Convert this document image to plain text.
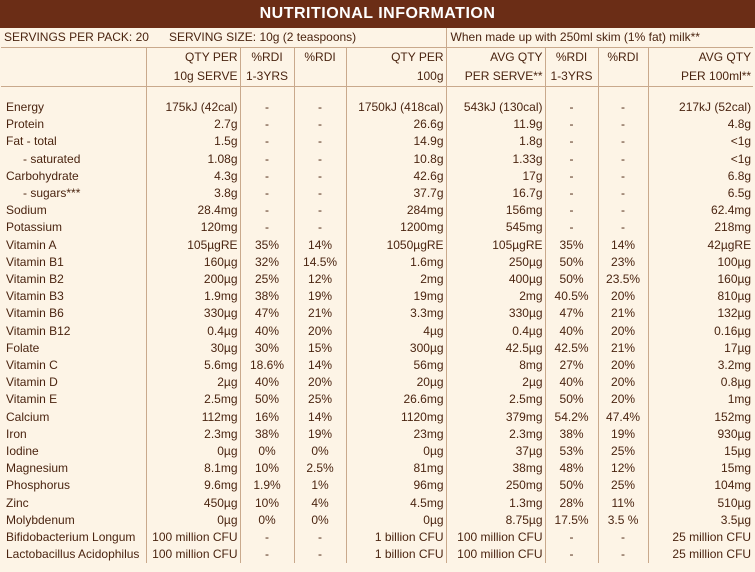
NUTRITIONAL INFORMATION
SERVINGS PER PACK: 20 SERVING SIZE: 10g (2 teaspoons)					When made up with 250ml skim (1% fat) milk**			
	QTY PER	%RDI	%RDI	QTY PER	AVG QTY	%RDI	%RDI	AVG QTY
	10g SERVE	1-3YRS		100g	PER SERVE**	1-3YRS		PER 100ml**

Energy	175kJ (42cal)	-	-	1750kJ (418cal)	543kJ (130cal)	-	-	217kJ (52cal)
Protein	2.7g	-	-	26.6g	11.9g	-	-	4.8g
Fat - total	1.5g	-	-	14.9g	1.8g	-	-	<1g
- saturated	1.08g	-	-	10.8g	1.33g	-	-	<1g
Carbohydrate	4.3g	-	-	42.6g	17g	-	-	6.8g
- sugars***	3.8g	-	-	37.7g	16.7g	-	-	6.5g
Sodium	28.4mg	-	-	284mg	156mg	-	-	62.4mg
Potassium	120mg	-	-	1200mg	545mg	-	-	218mg
Vitamin A	105µgRE	35%	14%	1050µgRE	105µgRE	35%	14%	42µgRE
Vitamin B1	160µg	32%	14.5%	1.6mg	250µg	50%	23%	100µg
Vitamin B2	200µg	25%	12%	2mg	400µg	50%	23.5%	160µg
Vitamin B3	1.9mg	38%	19%	19mg	2mg	40.5%	20%	810µg
Vitamin B6	330µg	47%	21%	3.3mg	330µg	47%	21%	132µg
Vitamin B12	0.4µg	40%	20%	4µg	0.4µg	40%	20%	0.16µg
Folate	30µg	30%	15%	300µg	42.5µg	42.5%	21%	17µg
Vitamin C	5.6mg	18.6%	14%	56mg	8mg	27%	20%	3.2mg
Vitamin D	2µg	40%	20%	20µg	2µg	40%	20%	0.8µg
Vitamin E	2.5mg	50%	25%	26.6mg	2.5mg	50%	20%	1mg
Calcium	112mg	16%	14%	1120mg	379mg	54.2%	47.4%	152mg
Iron	2.3mg	38%	19%	23mg	2.3mg	38%	19%	930µg
Iodine	0µg	0%	0%	0µg	37µg	53%	25%	15µg
Magnesium	8.1mg	10%	2.5%	81mg	38mg	48%	12%	15mg
Phosphorus	9.6mg	1.9%	1%	96mg	250mg	50%	25%	104mg
Zinc	450µg	10%	4%	4.5mg	1.3mg	28%	11%	510µg
Molybdenum	0µg	0%	0%	0µg	8.75µg	17.5%	3.5 %	3.5µg
Bifidobacterium Longum	100 million CFU	-	-	1 billion CFU	100 million CFU	-	-	25 million CFU
Lactobacillus Acidophilus	100 million CFU	-	-	1 billion CFU	100 million CFU	-	-	25 million CFU
